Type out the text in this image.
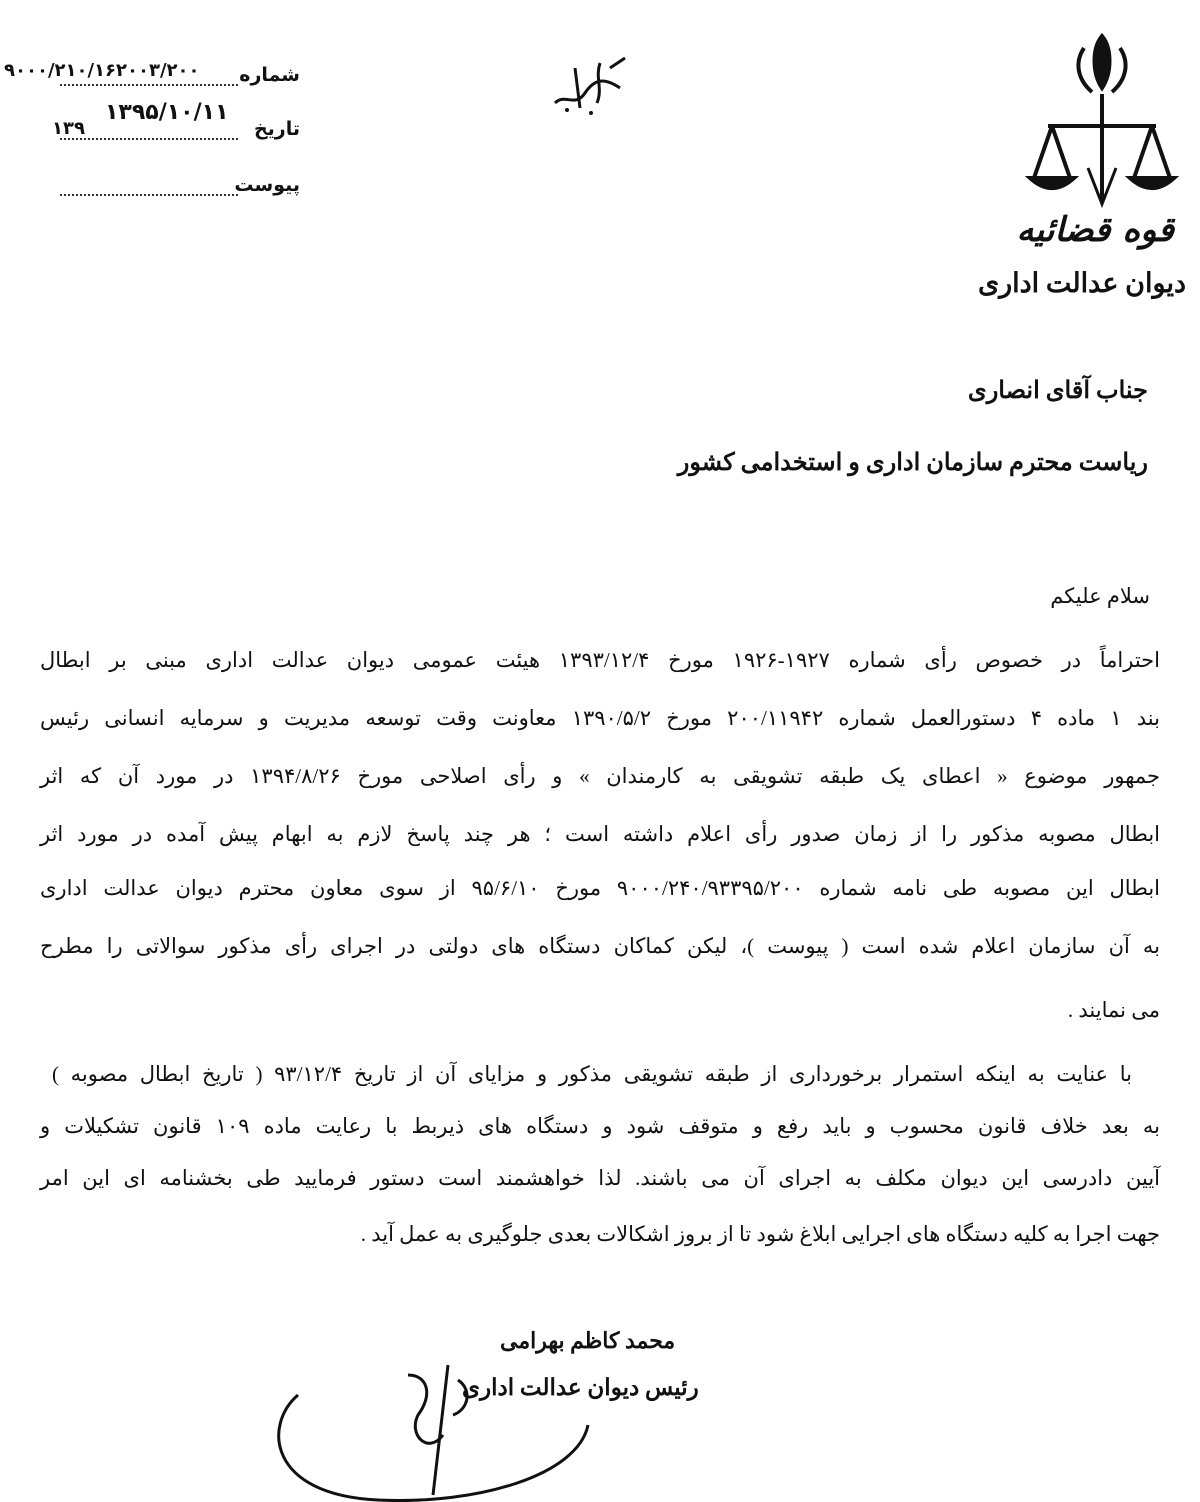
شماره
۹۰۰۰/۲۱۰/۱۶۲۰۰۳/۲۰۰
تاریخ
۱۳۹۵/۱۰/۱۱
۱۳۹
پیوست
قوه قضائیه
دیوان عدالت اداری
جناب آقای انصاری
ریاست محترم سازمان اداری و استخدامی کشور
سلام علیکم
احتراماً در خصوص رأی شماره ۱۹۲۷-۱۹۲۶ مورخ ۱۳۹۳/۱۲/۴ هیئت عمومی دیوان عدالت اداری مبنی بر ابطال
بند ۱ ماده ۴ دستورالعمل شماره ۲۰۰/۱۱۹۴۲ مورخ ۱۳۹۰/۵/۲ معاونت وقت توسعه مدیریت و سرمایه انسانی رئیس
جمهور موضوع « اعطای یک طبقه تشویقی به کارمندان » و رأی اصلاحی مورخ ۱۳۹۴/۸/۲۶ در مورد آن که اثر
ابطال مصوبه مذکور را از زمان صدور رأی اعلام داشته است ؛ هر چند پاسخ لازم به ابهام پیش آمده در مورد اثر
ابطال این مصوبه طی نامه شماره ۹۰۰۰/۲۴۰/۹۳۳۹۵/۲۰۰ مورخ ۹۵/۶/۱۰ از سوی معاون محترم دیوان عدالت اداری
به آن سازمان اعلام شده است ( پیوست )، لیکن کماکان دستگاه های دولتی در اجرای رأی مذکور سوالاتی را مطرح
می نمایند .
با عنایت به اینکه استمرار برخورداری از طبقه تشویقی مذکور و مزایای آن از تاریخ ۹۳/۱۲/۴ ( تاریخ ابطال مصوبه )
به بعد خلاف قانون محسوب و باید رفع و متوقف شود و دستگاه های ذیربط با رعایت ماده ۱۰۹ قانون تشکیلات و
آیین دادرسی این دیوان مکلف به اجرای آن می باشند. لذا خواهشمند است دستور فرمایید طی بخشنامه ای این امر
جهت اجرا به کلیه دستگاه های اجرایی ابلاغ شود تا از بروز اشکالات بعدی جلوگیری به عمل آید .
محمد کاظم بهرامی
رئیس دیوان عدالت اداری
